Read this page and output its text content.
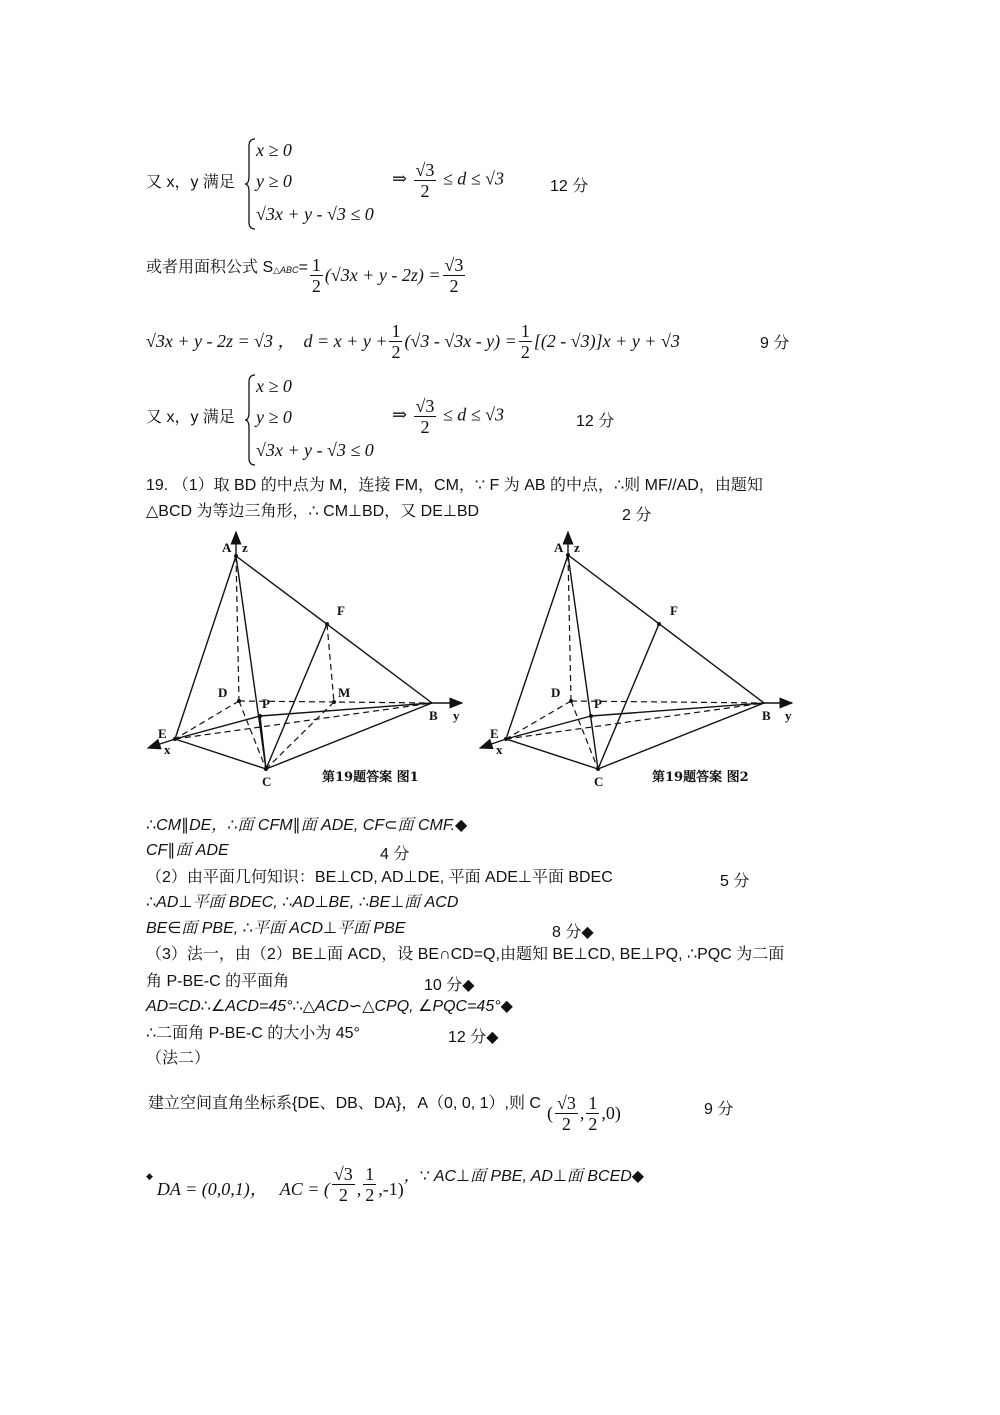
又 x，y 满足
x ≥ 0
y ≥ 0
√3x + y - √3 ≤ 0
⇒ $\frac{√3}{2} \le d \le √3$	12 分
或者用面积公式 S △ABC = $\frac{1}{2} (√3x + y - 2z) = \frac{√3}{2}$
√3x + y - 2z = √3 ， $d = x + y + \frac{1}{2} (√3 - √3x - y) = \frac{1}{2} [(2 - √3)]x + y + √3$	9 分
又 x，y 满足
x ≥ 0
y ≥ 0
√3x + y - √3 ≤ 0
⇒ $\frac{√3}{2} \le d \le √3$	12 分
19. （1）取 BD 的中点为 M，连接 FM，CM，∵ F 为 AB 的中点，∴则 MF//AD，由题知
△BCD 为等边三角形，∴ CM⊥BD，又 DE⊥BD	2 分
A z
F
D
P
M
B y
E
x
C
A z
F
D
P
B y
E
x
C
第19题答案 图1	第19题答案 图2
∴CM∥DE，∴面 CFM∥面 ADE, CF⊂面 CMF.◆
CF∥面 ADE	4 分
（2）由平面几何知识：BE⊥CD, AD⊥DE, 平面 ADE⊥平面 BDEC	5 分
∴AD⊥平面 BDEC, ∴AD⊥BE, ∴BE⊥面 ACD
BE∈面 PBE, ∴平面 ACD⊥平面 PBE	8 分◆
（3）法一，由（2）BE⊥面 ACD，设 BE∩CD=Q,由题知 BE⊥CD, BE⊥PQ, ∴PQC 为二面
角 P-BE-C 的平面角	10 分◆
AD=CD∴∠ACD=45°∴△ACD∽△CPQ, ∠PQC=45°◆
∴二面角 P-BE-C 的大小为 45°	12 分◆
（法二）
建立空间直角坐标系{DE、DB、DA}，A（0, 0, 1）,则 C ( $\frac{√3}{2}$ , $\frac{1}{2} ,0$)	9 分
◆
DA = (0,0,1)， AC = ( $\frac{√3}{2}$ , $\frac{1}{2} ,-1$)
，∵ AC⊥面 PBE, AD⊥面 BCED◆
